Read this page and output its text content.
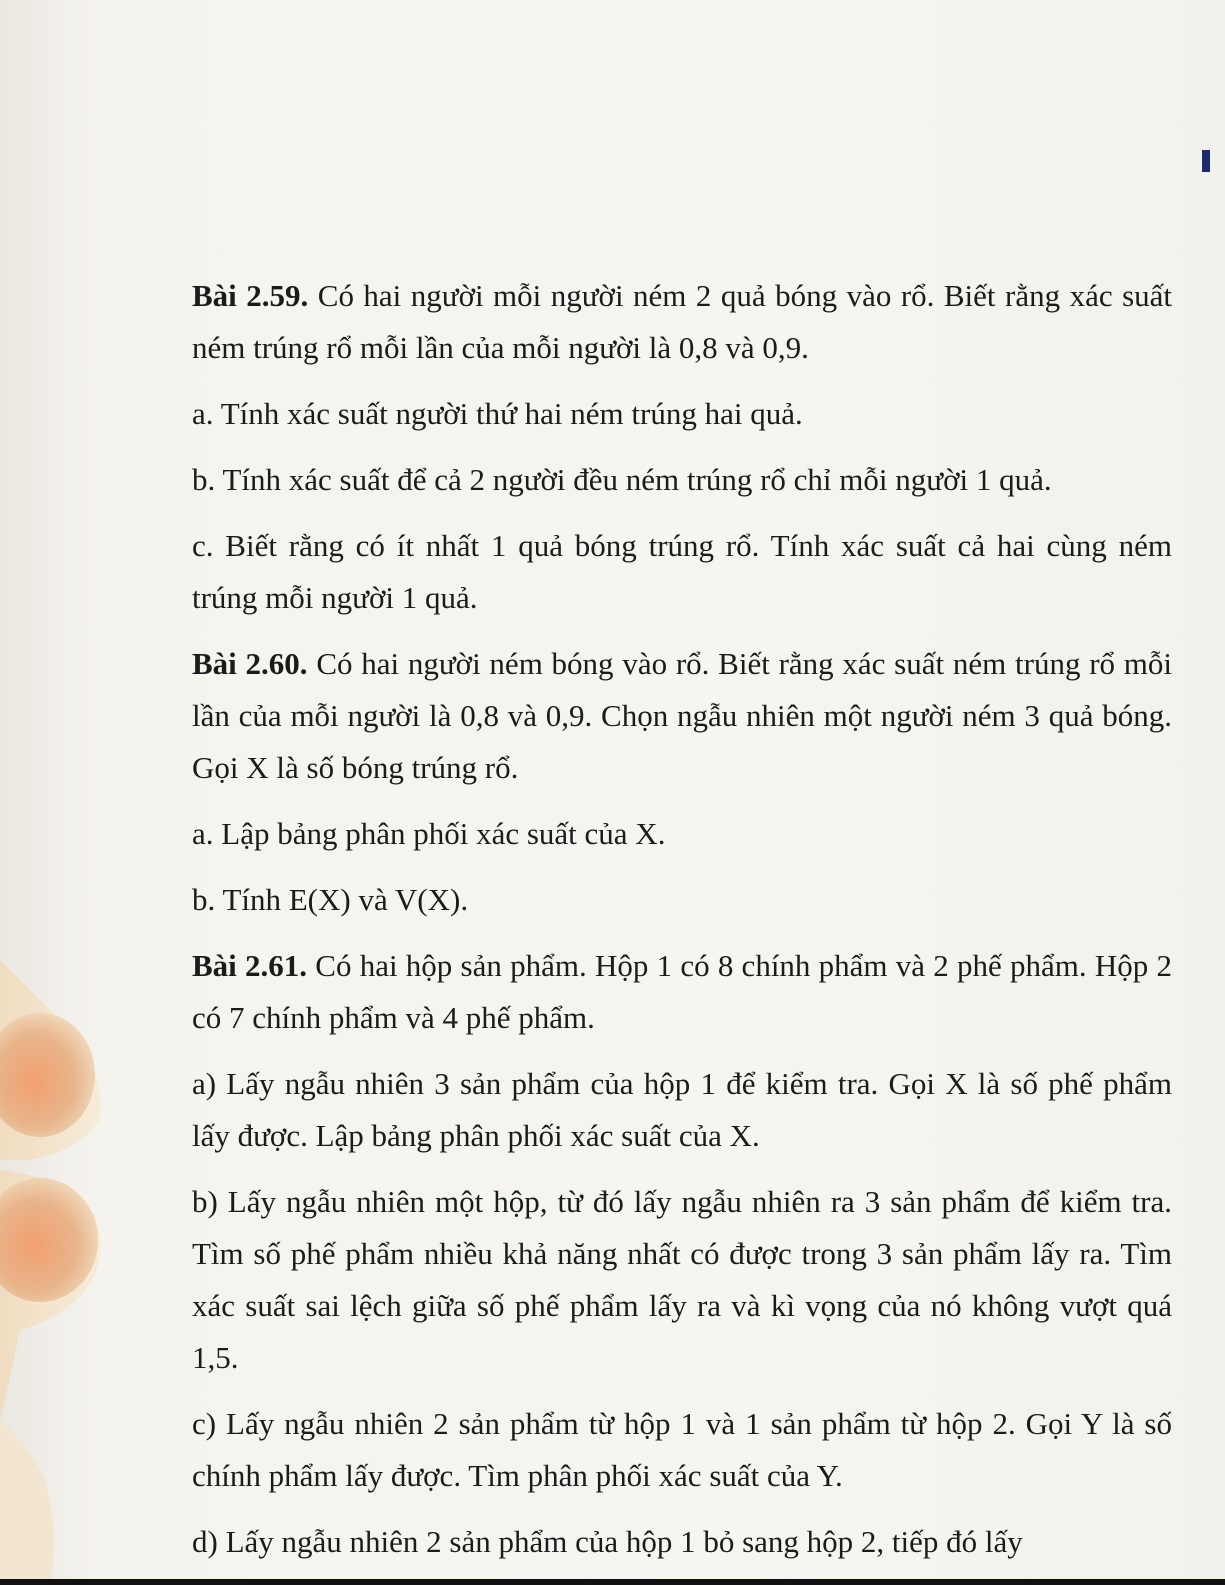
Bài 2.59. Có hai người mỗi người ném 2 quả bóng vào rổ. Biết rằng xác suất ném trúng rổ mỗi lần của mỗi người là 0,8 và 0,9.

a. Tính xác suất người thứ hai ném trúng hai quả.

b. Tính xác suất để cả 2 người đều ném trúng rổ chỉ mỗi người 1 quả.

c. Biết rằng có ít nhất 1 quả bóng trúng rổ. Tính xác suất cả hai cùng ném trúng mỗi người 1 quả.

Bài 2.60. Có hai người ném bóng vào rổ. Biết rằng xác suất ném trúng rổ mỗi lần của mỗi người là 0,8 và 0,9. Chọn ngẫu nhiên một người ném 3 quả bóng. Gọi X là số bóng trúng rổ.

a. Lập bảng phân phối xác suất của X.

b. Tính E(X) và V(X).

Bài 2.61. Có hai hộp sản phẩm. Hộp 1 có 8 chính phẩm và 2 phế phẩm. Hộp 2 có 7 chính phẩm và 4 phế phẩm.

a) Lấy ngẫu nhiên 3 sản phẩm của hộp 1 để kiểm tra. Gọi X là số phế phẩm lấy được. Lập bảng phân phối xác suất của X.

b) Lấy ngẫu nhiên một hộp, từ đó lấy ngẫu nhiên ra 3 sản phẩm để kiểm tra. Tìm số phế phẩm nhiều khả năng nhất có được trong 3 sản phẩm lấy ra. Tìm xác suất sai lệch giữa số phế phẩm lấy ra và kì vọng của nó không vượt quá 1,5.

c) Lấy ngẫu nhiên 2 sản phẩm từ hộp 1 và 1 sản phẩm từ hộp 2. Gọi Y là số chính phẩm lấy được. Tìm phân phối xác suất của Y.

d) Lấy ngẫu nhiên 2 sản phẩm của hộp 1 bỏ sang hộp 2, tiếp đó lấy
